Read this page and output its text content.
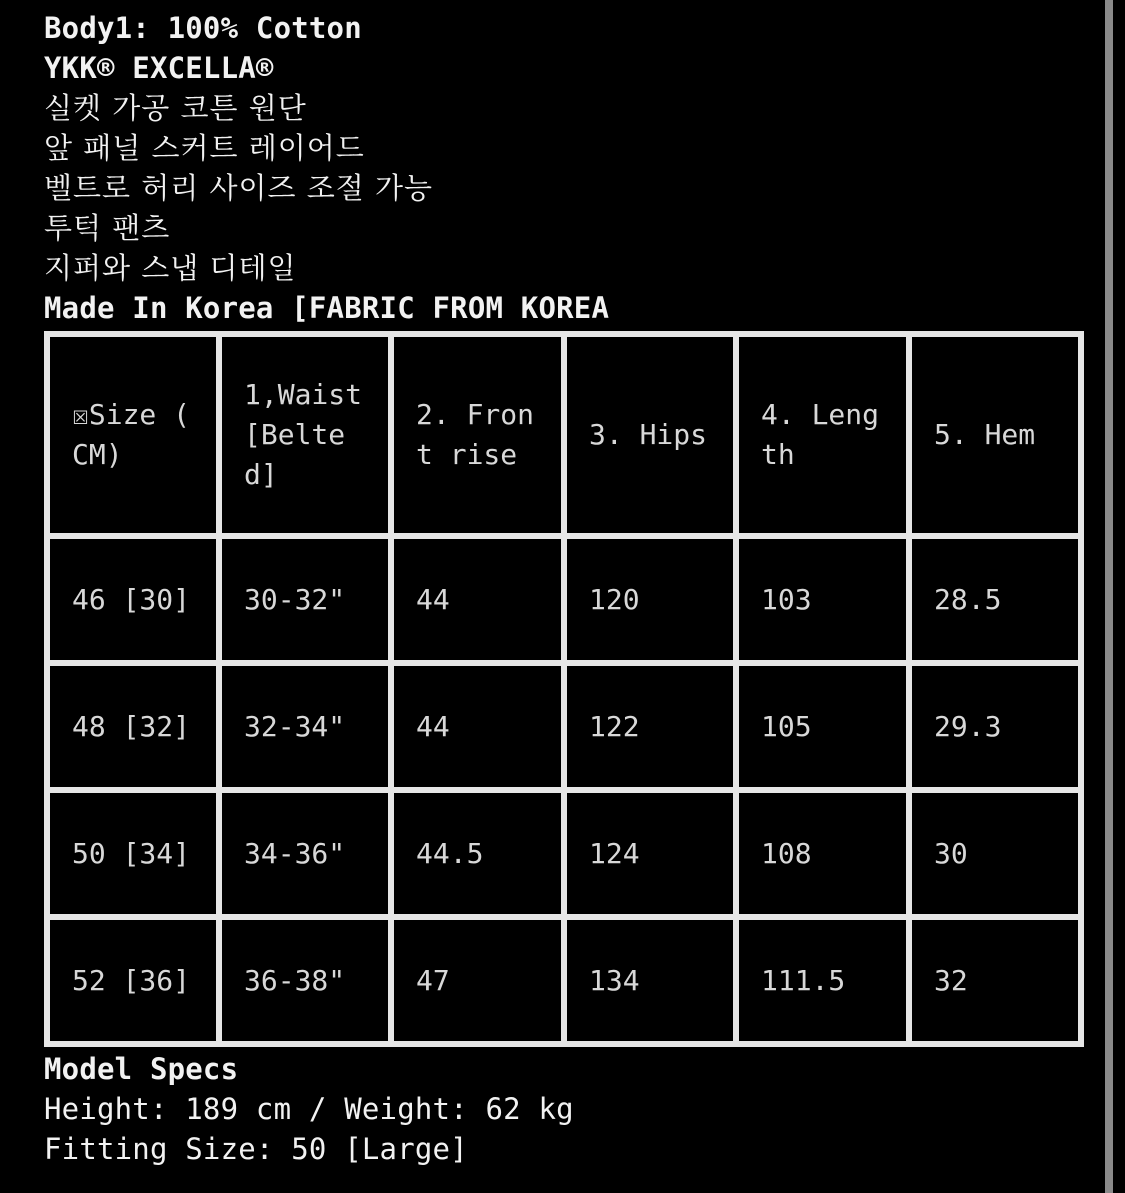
Body1: 100% Cotton
YKK® EXCELLA®
실켓 가공 코튼 원단
앞 패널 스커트 레이어드
벨트로 허리 사이즈 조절 가능
투턱 팬츠
지퍼와 스냅 디테일
Made In Korea [FABRIC FROM KOREA
☒Size ( CM)	1,Waist [Belted]	2. Front rise	3. Hips	4. Length	5. Hem
46 [30]	30-32"	44	120	103	28.5
48 [32]	32-34"	44	122	105	29.3
50 [34]	34-36"	44.5	124	108	30
52 [36]	36-38"	47	134	111.5	32
Model Specs
Height: 189 cm / Weight: 62 kg
Fitting Size: 50 [Large]
